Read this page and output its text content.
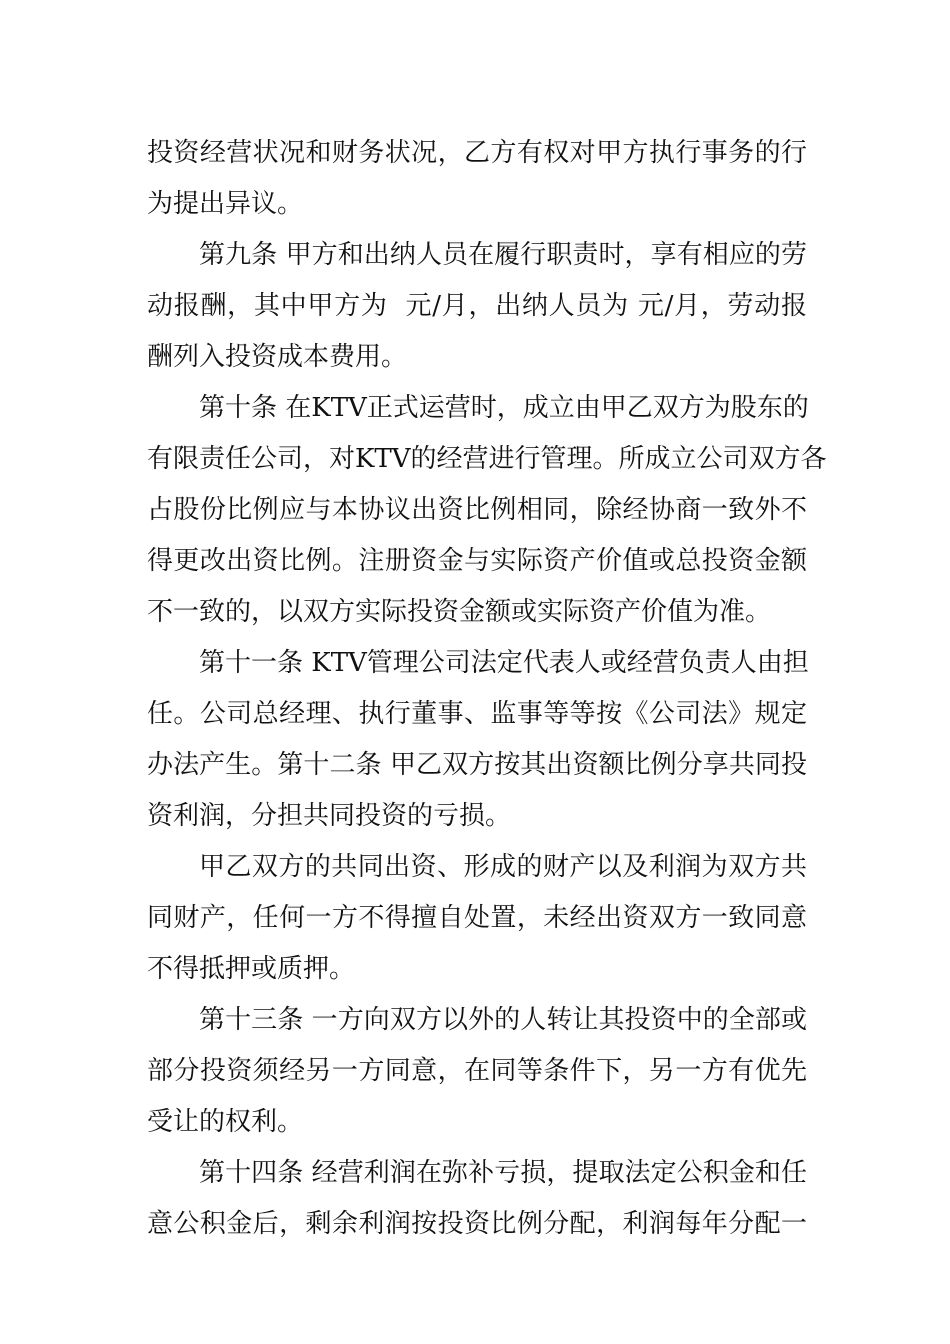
投资经营状况和财务状况，乙方有权对甲方执行事务的行
为提出异议。
第九条 甲方和出纳人员在履行职责时，享有相应的劳
动报酬，其中甲方为  元/月，出纳人员为 元/月，劳动报
酬列入投资成本费用。
第十条 在KTV正式运营时，成立由甲乙双方为股东的
有限责任公司，对KTV的经营进行管理。所成立公司双方各
占股份比例应与本协议出资比例相同，除经协商一致外不
得更改出资比例。注册资金与实际资产价值或总投资金额
不一致的，以双方实际投资金额或实际资产价值为准。
第十一条 KTV管理公司法定代表人或经营负责人由担
任。公司总经理、执行董事、监事等等按《公司法》规定
办法产生。第十二条 甲乙双方按其出资额比例分享共同投
资利润，分担共同投资的亏损。
甲乙双方的共同出资、形成的财产以及利润为双方共
同财产，任何一方不得擅自处置，未经出资双方一致同意
不得抵押或质押。
第十三条 一方向双方以外的人转让其投资中的全部或
部分投资须经另一方同意，在同等条件下，另一方有优先
受让的权利。
第十四条 经营利润在弥补亏损，提取法定公积金和任
意公积金后，剩余利润按投资比例分配，利润每年分配一
